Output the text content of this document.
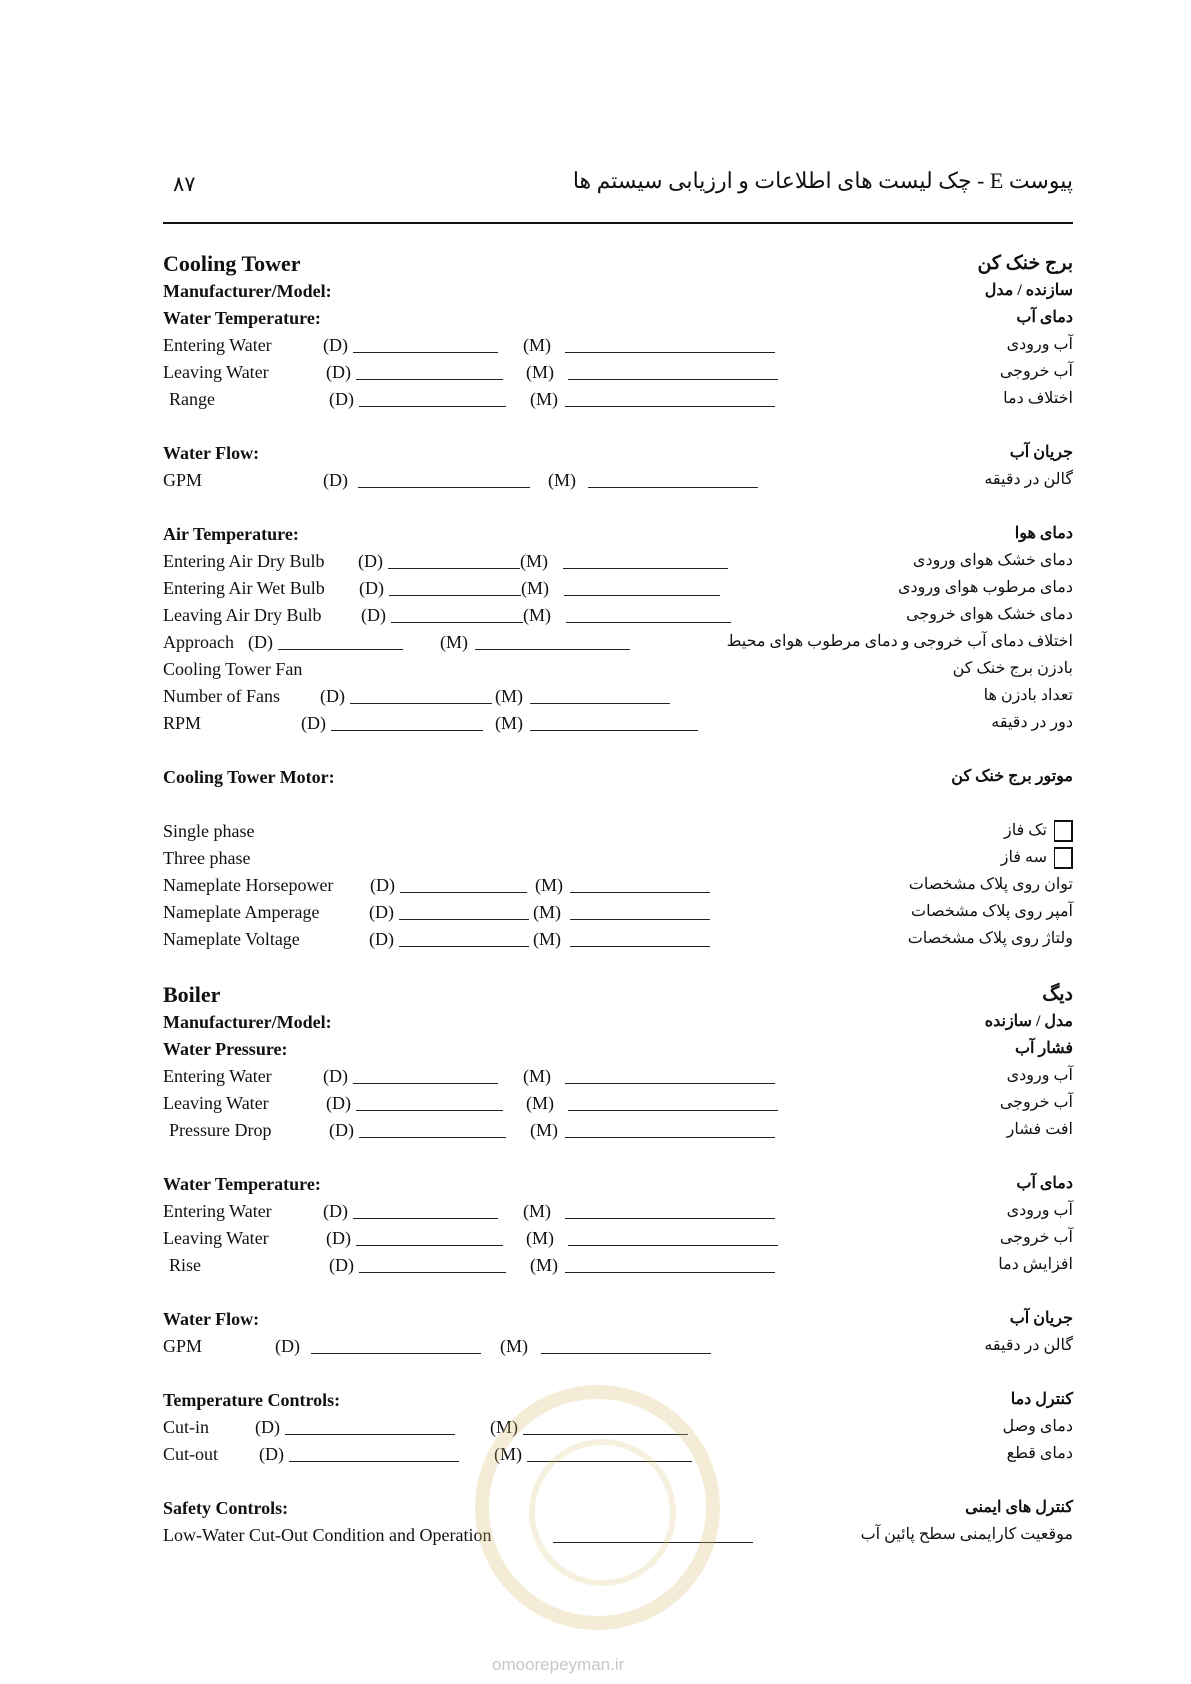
۸۷	پیوست E - چک لیست های اطلاعات و ارزیابی سیستم ها
Cooling Tower	برج خنک کن
Manufacturer/Model:	سازنده / مدل
Water Temperature:	دمای آب
Entering Water	(D)	(M)	آب ورودی
Leaving Water	(D)	(M)	آب خروجی
Range	(D)	(M)	اختلاف دما
Water Flow:	جریان آب
GPM	(D)	(M)	گالن در دقیقه
Air Temperature:	دمای هوا
Entering Air Dry Bulb (D)	(M)	دمای خشک هوای ورودی
Entering Air Wet Bulb (D)	(M)	دمای مرطوب هوای ورودی
Leaving Air Dry Bulb (D)	(M)	دمای خشک هوای خروجی
Approach (D)	(M)	اختلاف دمای آب خروجی و دمای مرطوب هوای محیط
Cooling Tower Fan	بادزن برج خنک کن
Number of Fans (D)	(M)	تعداد بادزن ها
RPM	(D)	(M)	دور در دقیقه
Cooling Tower Motor:	موتور برج خنک کن
Single phase	تک فاز
Three phase	سه فاز
Nameplate Horsepower (D)	(M)	توان روی پلاک مشخصات
Nameplate Amperage	(D)	(M)	آمپر روی پلاک مشخصات
Nameplate Voltage	(D)	(M)	ولتاژ روی پلاک مشخصات
Boiler	دیگ
Manufacturer/Model:	مدل / سازنده
Water Pressure:	فشار آب
Entering Water	(D)	(M)	آب ورودی
Leaving Water	(D)	(M)	آب خروجی
Pressure Drop	(D)	(M)	افت فشار
Water Temperature:	دمای آب
Entering Water	(D)	(M)	آب ورودی
Leaving Water	(D)	(M)	آب خروجی
Rise	(D)	(M)	افزایش دما
Water Flow:	جریان آب
GPM	(D)	(M)	گالن در دقیقه
Temperature Controls:	کنترل دما
Cut-in	(D)	(M)	دمای وصل
Cut-out (D)	(M)	دمای قطع
Safety Controls:	کنترل های ایمنی
Low-Water Cut-Out Condition and Operation	موقعیت کارایمنی سطح پائین آب
omoorepeyman.ir
